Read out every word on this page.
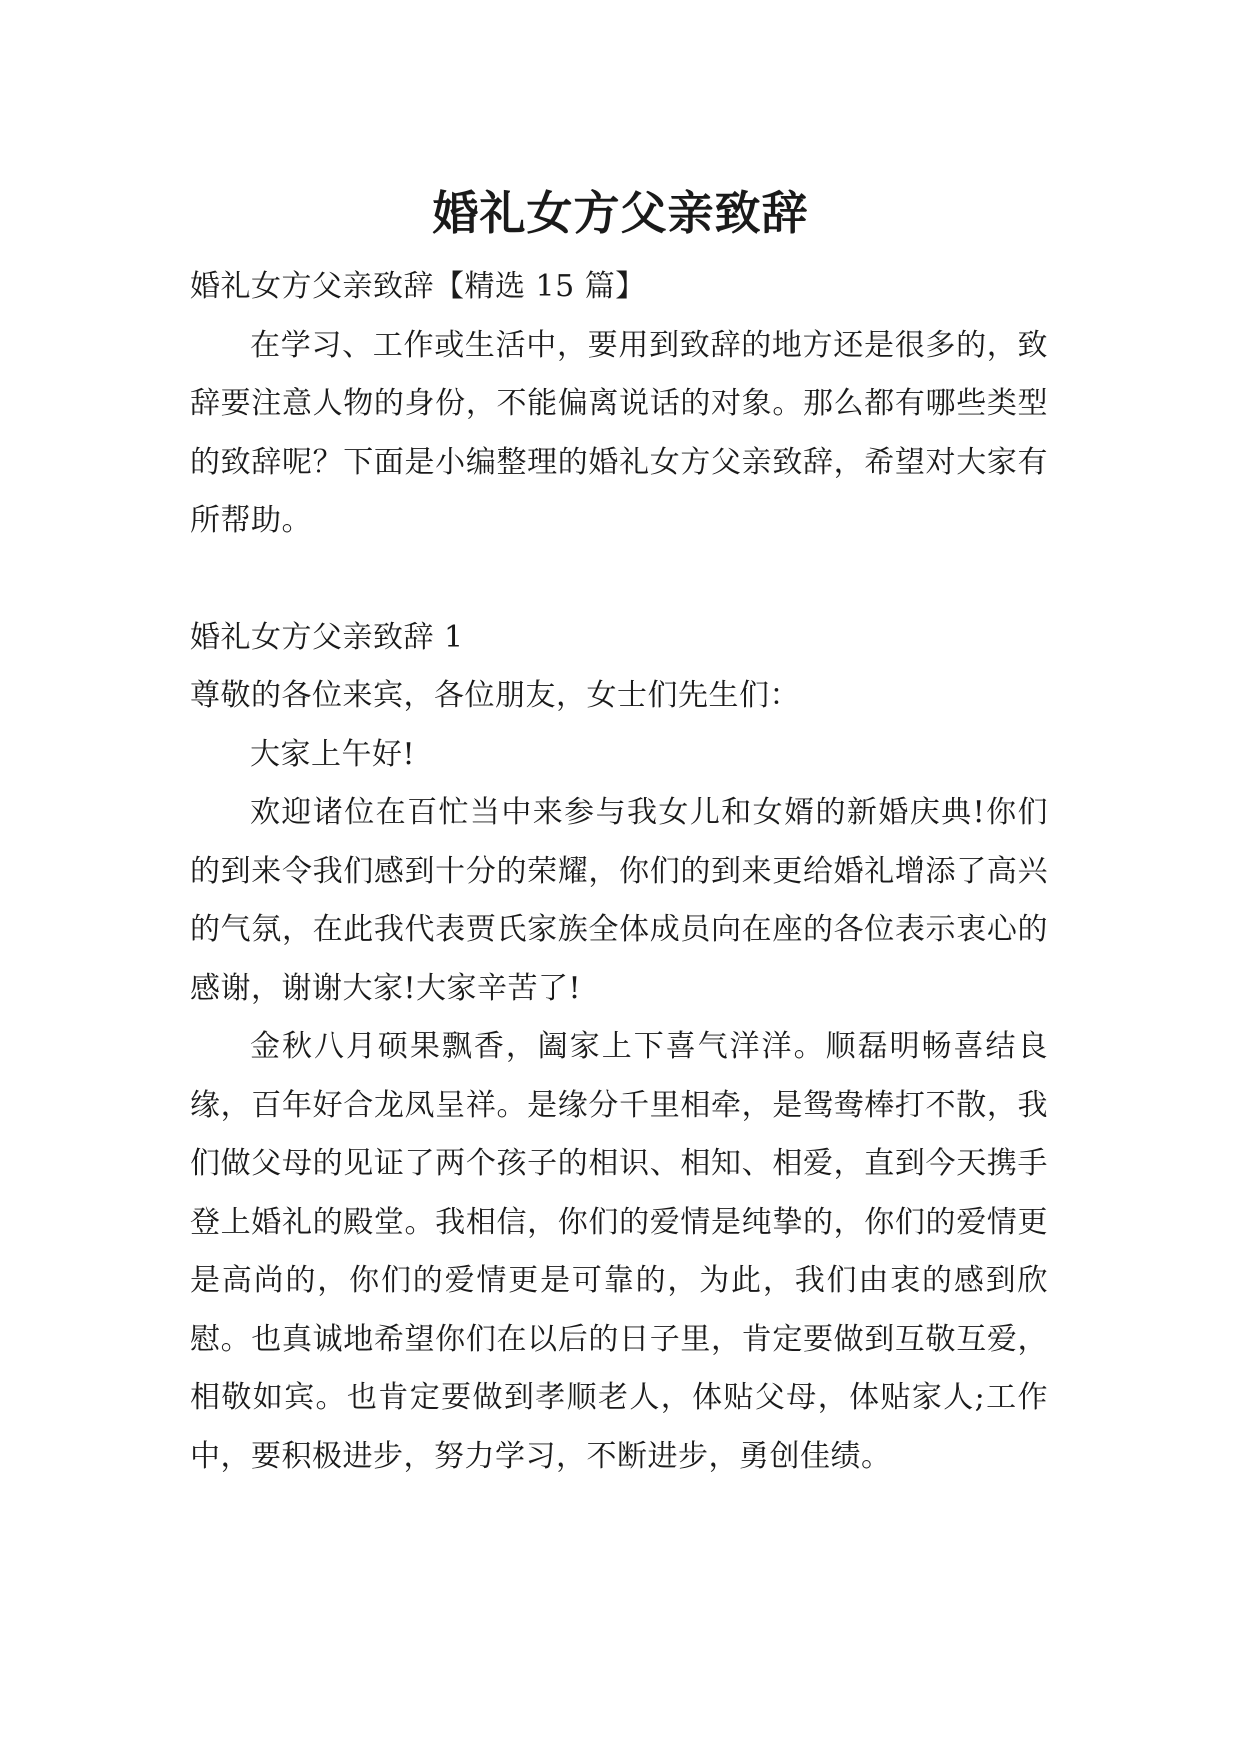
婚礼女方父亲致辞

婚礼女方父亲致辞【精选 15 篇】

在学习、工作或生活中，要用到致辞的地方还是很多的，致辞要注意人物的身份，不能偏离说话的对象。那么都有哪些类型的致辞呢？下面是小编整理的婚礼女方父亲致辞，希望对大家有所帮助。

婚礼女方父亲致辞 1

尊敬的各位来宾，各位朋友，女士们先生们：

大家上午好!

欢迎诸位在百忙当中来参与我女儿和女婿的新婚庆典!你们的到来令我们感到十分的荣耀，你们的到来更给婚礼增添了高兴的气氛，在此我代表贾氏家族全体成员向在座的各位表示衷心的感谢，谢谢大家!大家辛苦了!

金秋八月硕果飘香，阖家上下喜气洋洋。顺磊明畅喜结良缘，百年好合龙凤呈祥。是缘分千里相牵，是鸳鸯棒打不散，我们做父母的见证了两个孩子的相识、相知、相爱，直到今天携手登上婚礼的殿堂。我相信，你们的爱情是纯挚的，你们的爱情更是高尚的，你们的爱情更是可靠的，为此，我们由衷的感到欣慰。也真诚地希望你们在以后的日子里，肯定要做到互敬互爱，相敬如宾。也肯定要做到孝顺老人，体贴父母，体贴家人;工作中，要积极进步，努力学习，不断进步，勇创佳绩。
